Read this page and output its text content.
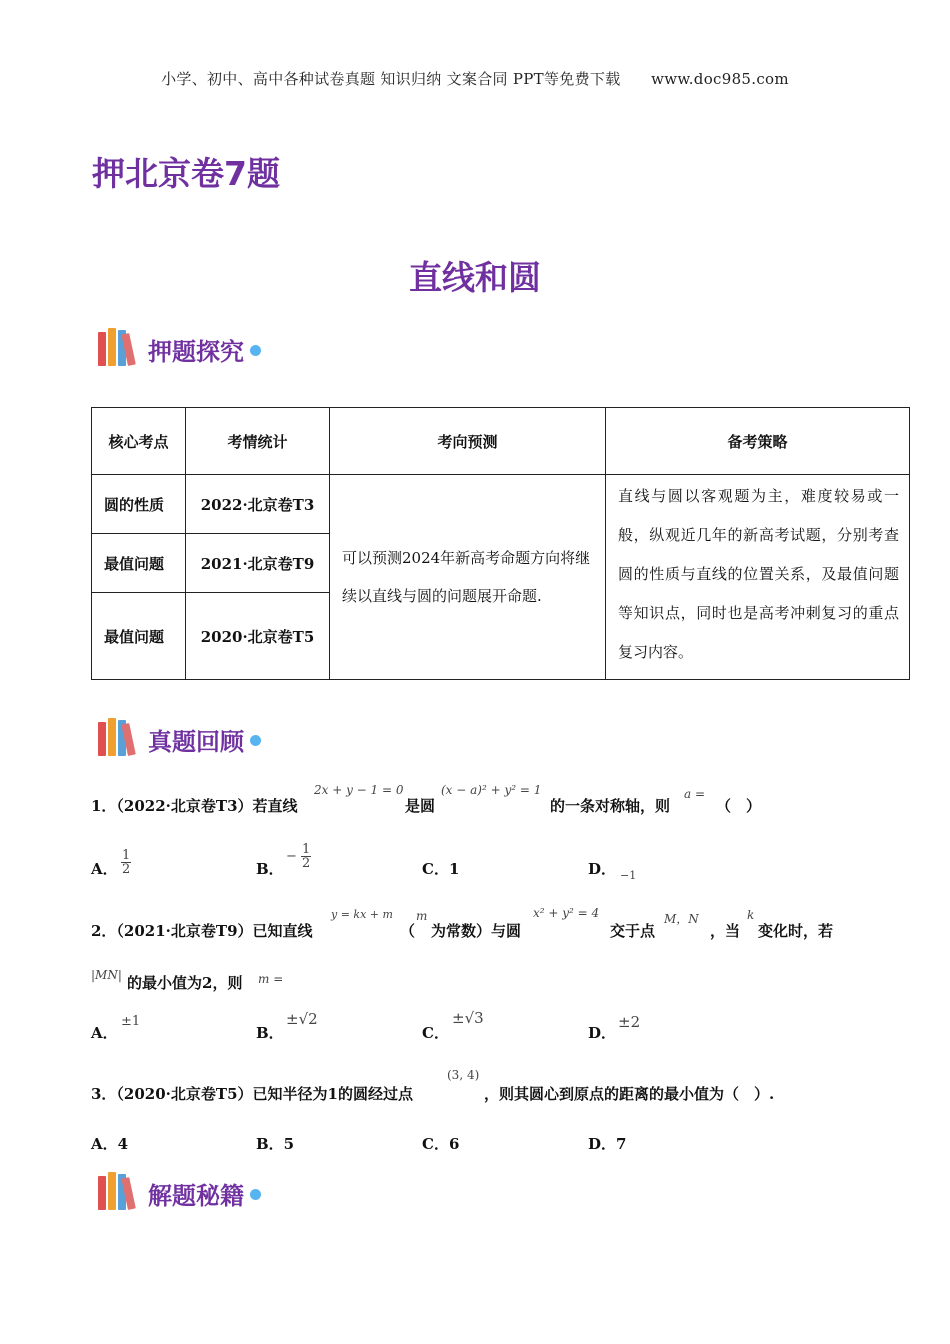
小学、初中、高中各种试卷真题 知识归纳 文案合同 PPT等免费下载　　www.doc985.com
押北京卷7题
直线和圆
押题探究
核心考点	考情统计	考向预测	备考策略
圆的性质	2022·北京卷T3	可以预测2024年新高考命题方向将继续以直线与圆的问题展开命题.	直线与圆以客观题为主，难度较易或一般，纵观近几年的新高考试题，分别考查圆的性质与直线的位置关系，及最值问题等知识点，同时也是高考冲刺复习的重点复习内容。
最值问题	2021·北京卷T9		
最值问题	2020·北京卷T5		
真题回顾
1．（2022·北京卷T3）若直线
2x + y − 1 = 0
是圆
(x − a)² + y² = 1
的一条对称轴，则
a =
（　）
A． $\frac{1}{2}$	B．
− $\frac{1}{2}$	C．1	D． −1
2．（2021·北京卷T9）已知直线
y = kx + m
（
m
为常数）与圆
x² + y² = 4
交于点
M，N
，当
k
变化时，若
|MN| 的最小值为2，则 m =
A．
±1
B．
±√2
C．
±√3
D．
±2
3．（2020·北京卷T5）已知半径为1的圆经过点
(3, 4)
，则其圆心到原点的距离的最小值为（　）.
A．4	B．5	C．6	D．7
解题秘籍
